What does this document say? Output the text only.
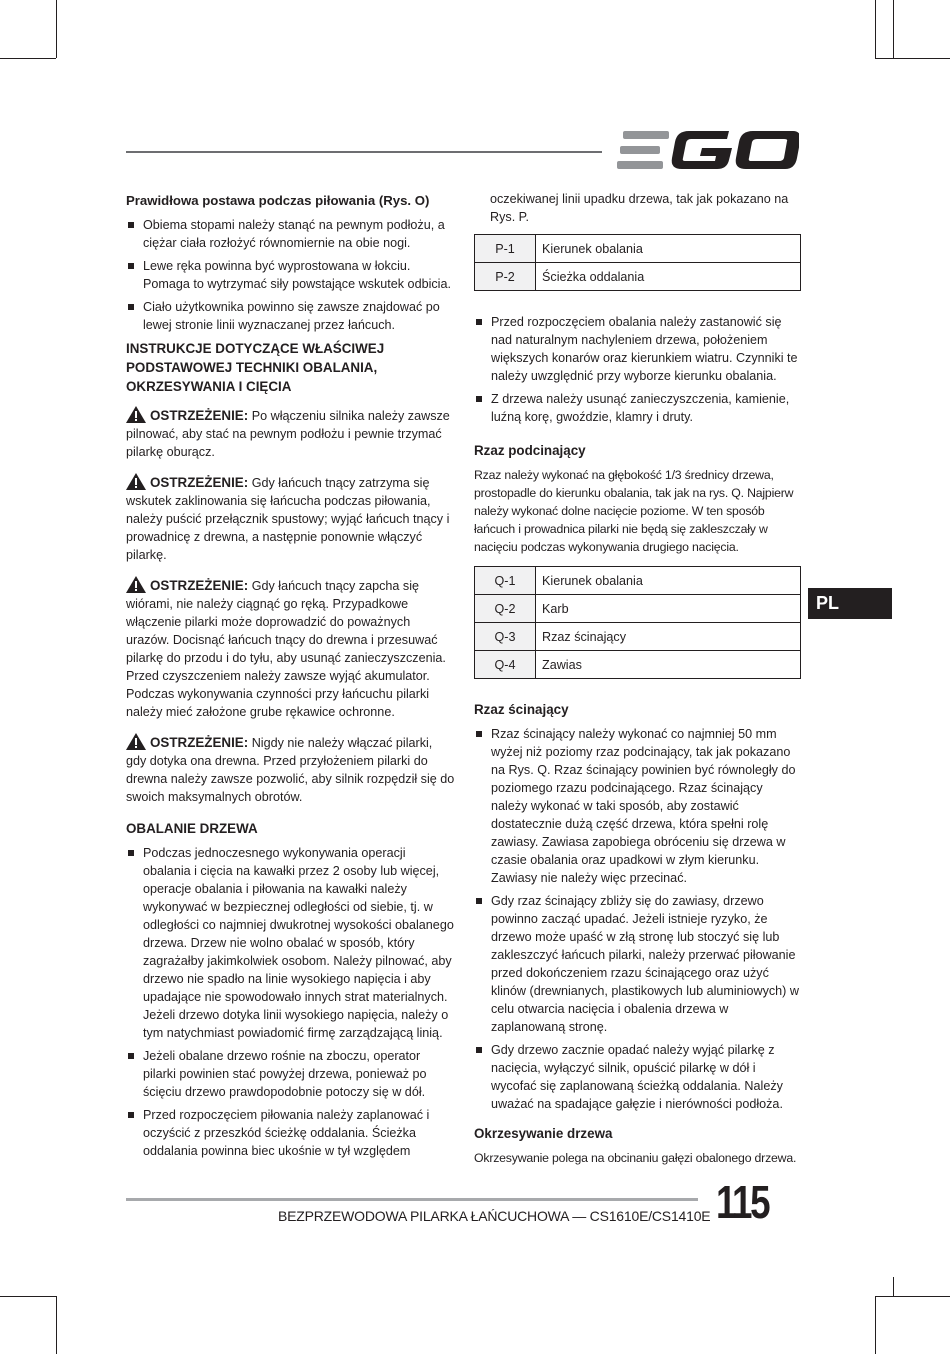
Prawidłowa postawa podczas piłowania (Rys. O)
Obiema stopami należy stanąć na pewnym podłożu, a ciężar ciała rozłożyć równomiernie na obie nogi.
Lewe ręka powinna być wyprostowana w łokciu. Pomaga to wytrzymać siły powstające wskutek odbicia.
Ciało użytkownika powinno się zawsze znajdować po lewej stronie linii wyznaczanej przez łańcuch.
INSTRUKCJE DOTYCZĄCE WŁAŚCIWEJ PODSTAWOWEJ TECHNIKI OBALANIA, OKRZESYWANIA I CIĘCIA
OSTRZEŻENIE: Po włączeniu silnika należy zawsze pilnować, aby stać na pewnym podłożu i pewnie trzymać pilarkę oburącz.
OSTRZEŻENIE: Gdy łańcuch tnący zatrzyma się wskutek zaklinowania się łańcucha podczas piłowania, należy puścić przełącznik spustowy; wyjąć łańcuch tnący i prowadnicę z drewna, a następnie ponownie włączyć pilarkę.
OSTRZEŻENIE: Gdy łańcuch tnący zapcha się wiórami, nie należy ciągnąć go ręką. Przypadkowe włączenie pilarki może doprowadzić do poważnych urazów. Docisnąć łańcuch tnący do drewna i przesuwać pilarkę do przodu i do tyłu, aby usunąć zanieczyszczenia. Przed czyszczeniem należy zawsze wyjąć akumulator. Podczas wykonywania czynności przy łańcuchu pilarki należy mieć założone grube rękawice ochronne.
OSTRZEŻENIE: Nigdy nie należy włączać pilarki, gdy dotyka ona drewna. Przed przyłożeniem pilarki do drewna należy zawsze pozwolić, aby silnik rozpędził się do swoich maksymalnych obrotów.
OBALANIE DRZEWA
Podczas jednoczesnego wykonywania operacji obalania i cięcia na kawałki przez 2 osoby lub więcej, operacje obalania i piłowania na kawałki należy wykonywać w bezpiecznej odległości od siebie, tj. w odległości co najmniej dwukrotnej wysokości obalanego drzewa. Drzew nie wolno obalać w sposób, który zagrażałby jakimkolwiek osobom. Należy pilnować, aby drzewo nie spadło na linie wysokiego napięcia i aby upadające nie spowodowało innych strat materialnych. Jeżeli drzewo dotyka linii wysokiego napięcia, należy o tym natychmiast powiadomić firmę zarządzającą linią.
Jeżeli obalane drzewo rośnie na zboczu, operator pilarki powinien stać powyżej drzewa, ponieważ po ścięciu drzewo prawdopodobnie potoczy się w dół.
Przed rozpoczęciem piłowania należy zaplanować i oczyścić z przeszkód ścieżkę oddalania. Ścieżka oddalania powinna biec ukośnie w tył względem
oczekiwanej linii upadku drzewa, tak jak pokazano na Rys. P.
P-1	Kierunek obalania
P-2	Ścieżka oddalania
Przed rozpoczęciem obalania należy zastanowić się nad naturalnym nachyleniem drzewa, położeniem większych konarów oraz kierunkiem wiatru. Czynniki te należy uwzględnić przy wyborze kierunku obalania.
Z drzewa należy usunąć zanieczyszczenia, kamienie, luźną korę, gwoździe, klamry i druty.
Rzaz podcinający

Rzaz należy wykonać na głębokość 1/3 średnicy drzewa, prostopadle do kierunku obalania, tak jak na rys. Q. Najpierw należy wykonać dolne nacięcie poziome. W ten sposób łańcuch i prowadnica pilarki nie będą się zakleszczały w nacięciu podczas wykonywania drugiego nacięcia.

Q-1	Kierunek obalania
Q-2	Karb
Q-3	Rzaz ścinający
Q-4	Zawias
Rzaz ścinający
Rzaz ścinający należy wykonać co najmniej 50 mm wyżej niż poziomy rzaz podcinający, tak jak pokazano na Rys. Q. Rzaz ścinający powinien być równoległy do poziomego rzazu podcinającego. Rzaz ścinający należy wykonać w taki sposób, aby zostawić dostatecznie dużą część drzewa, która spełni rolę zawiasy. Zawiasa zapobiega obróceniu się drzewa w czasie obalania oraz upadkowi w złym kierunku. Zawiasy nie należy więc przecinać.
Gdy rzaz ścinający zbliży się do zawiasy, drzewo powinno zacząć upadać. Jeżeli istnieje ryzyko, że drzewo może upaść w złą stronę lub stoczyć się lub zakleszczyć łańcuch pilarki, należy przerwać piłowanie przed dokończeniem rzazu ścinającego oraz użyć klinów (drewnianych, plastikowych lub aluminiowych) w celu otwarcia nacięcia i obalenia drzewa w zaplanowaną stronę.
Gdy drzewo zacznie opadać należy wyjąć pilarkę z nacięcia, wyłączyć silnik, opuścić pilarkę w dół i wycofać się zaplanowaną ścieżką oddalania. Należy uważać na spadające gałęzie i nierówności podłoża.
Okrzesywanie drzewa

Okrzesywanie polega na obcinaniu gałęzi obalonego drzewa.

PL
BEZPRZEWODOWA PILARKA ŁAŃCUCHOWA — CS1610E/CS1410E 115
